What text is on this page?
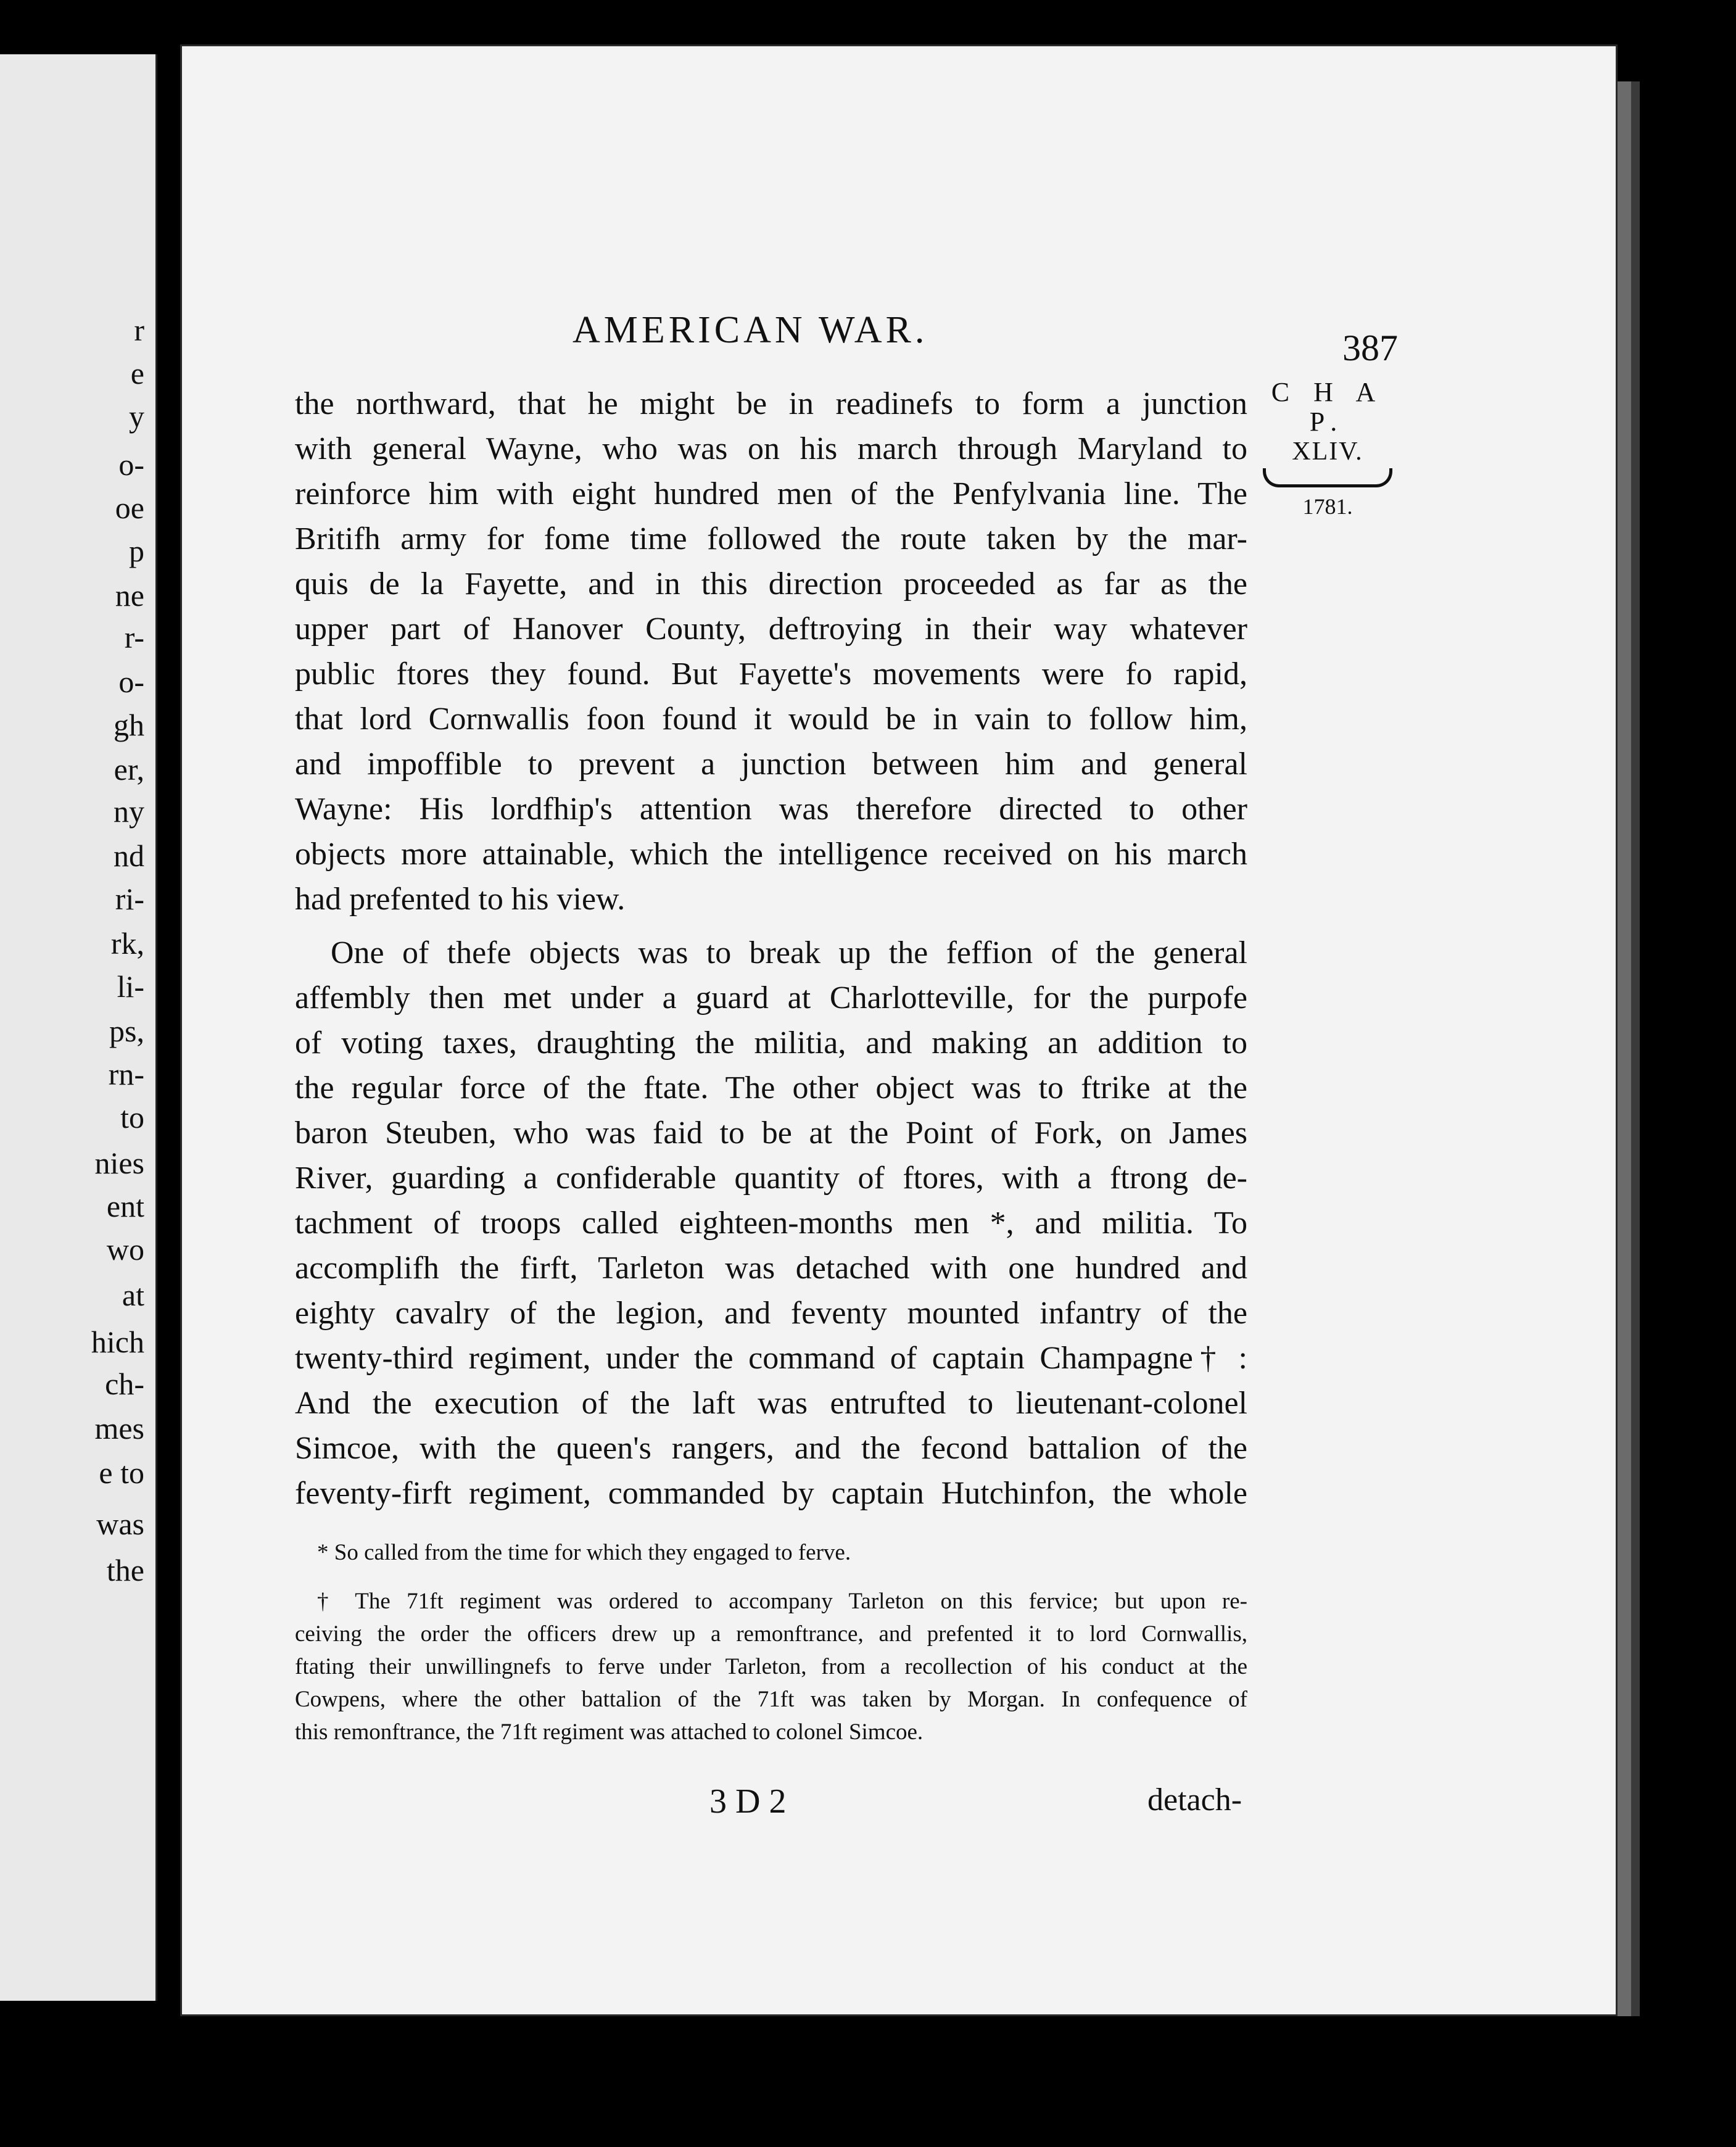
r
e
y
o-
oe
p
ne
r-
o-
gh
er,
ny
nd
ri-
rk,
li-
ps,
rn-
to
nies
ent
wo
at
hich
ch-
mes
e to
was
the
AMERICAN WAR.	387
C H A P.
XLIV.
1781.
the northward, that he might be in readinefs to form a junction
with general Wayne, who was on his march through Maryland to
reinforce him with eight hundred men of the Penfylvania line. The
Britifh army for fome time followed the route taken by the mar-
quis de la Fayette, and in this direction proceeded as far as the
upper part of Hanover County, deftroying in their way whatever
public ftores they found. But Fayette's movements were fo rapid,
that lord Cornwallis foon found it would be in vain to follow him,
and impoffible to prevent a junction between him and general
Wayne: His lordfhip's attention was therefore directed to other
objects more attainable, which the intelligence received on his march
had prefented to his view.
One of thefe objects was to break up the feffion of the general
affembly then met under a guard at Charlotteville, for the purpofe
of voting taxes, draughting the militia, and making an addition to
the regular force of the ftate. The other object was to ftrike at the
baron Steuben, who was faid to be at the Point of Fork, on James
River, guarding a confiderable quantity of ftores, with a ftrong de-
tachment of troops called eighteen-months men *, and militia. To
accomplifh the firft, Tarleton was detached with one hundred and
eighty cavalry of the legion, and feventy mounted infantry of the
twenty-third regiment, under the command of captain Champagne† :
And the execution of the laft was entrufted to lieutenant-colonel
Simcoe, with the queen's rangers, and the fecond battalion of the
feventy-firft regiment, commanded by captain Hutchinfon, the whole
* So called from the time for which they engaged to ferve.
† The 71ft regiment was ordered to accompany Tarleton on this fervice; but upon re-
ceiving the order the officers drew up a remonftrance, and prefented it to lord Cornwallis,
ftating their unwillingnefs to ferve under Tarleton, from a recollection of his conduct at the
Cowpens, where the other battalion of the 71ft was taken by Morgan. In confequence of
this remonftrance, the 71ft regiment was attached to colonel Simcoe.
3 D 2	detach-
